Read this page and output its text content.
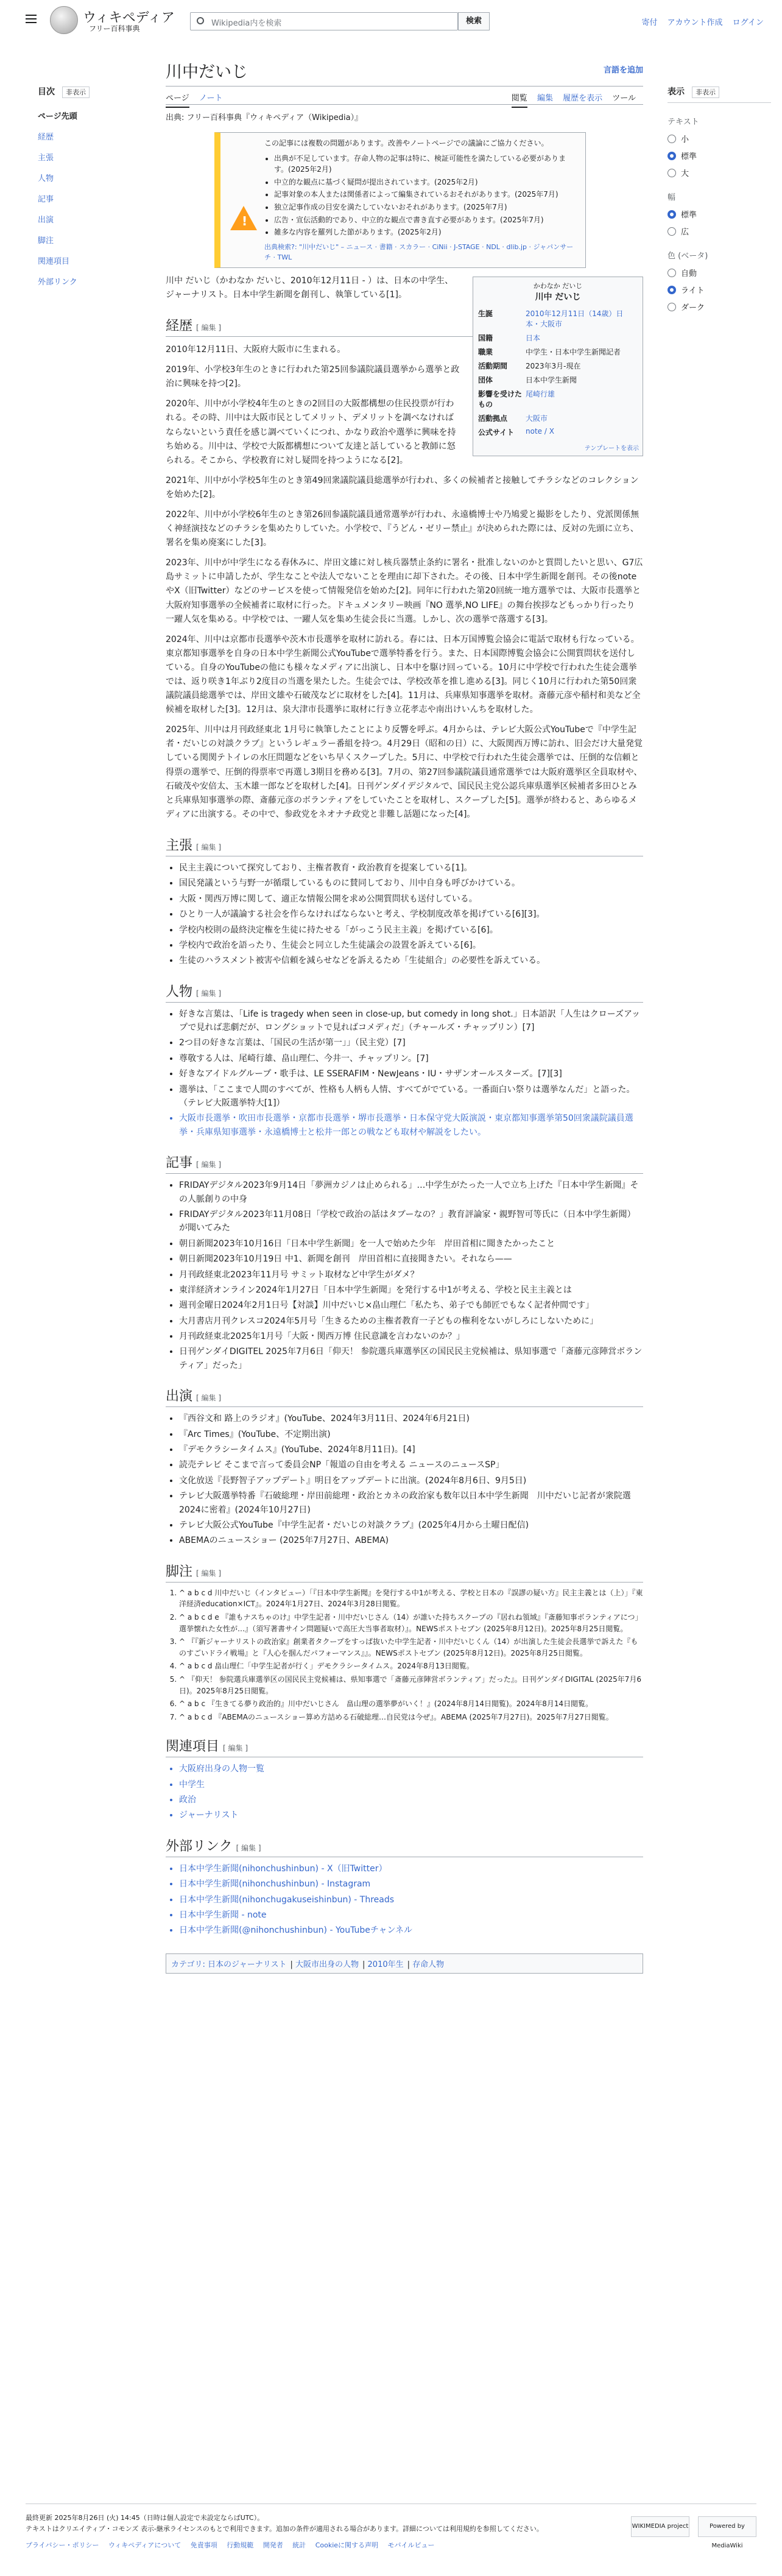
ウィキペディア
フリー百科事典
Wikipedia内を検索	検索	寄付 アカウント作成 ログイン
目次 非表示
ページ先頭
経歴
主張
人物
記事
出演
脚注
関連項目
外部リンク
表示 非表示
テキスト
小
標準
大
幅
標準
広
色 (ベータ)
自動
ライト
ダーク
川中だいじ	言語を追加
ページ ノート	閲覧 編集 履歴を表示 ツール
出典: フリー百科事典『ウィキペディア（Wikipedia）』
!
この記事には複数の問題があります。改善やノートページでの議論にご協力ください。
• 出典が不足しています。存命人物の記事は特に、検証可能性を満たしている必要があります。(2025年2月)
• 中立的な観点に基づく疑問が提出されています。(2025年2月)
• 記事対象の本人または関係者によって編集されているおそれがあります。(2025年7月)
• 独立記事作成の目安を満たしていないおそれがあります。(2025年7月)
• 広告・宣伝活動的であり、中立的な観点で書き直す必要があります。(2025年7月)
• 雑多な内容を羅列した節があります。(2025年2月)
出典検索?: "川中だいじ" – ニュース · 書籍 · スカラー · CiNii · J-STAGE · NDL · dlib.jp · ジャパンサーチ · TWL
かわなか だいじ
川中 だいじ
生誕	2010年12月11日（14歳）日本・大阪市
国籍	日本
職業	中学生・日本中学生新聞記者
活動期間	2023年3月-現在
団体	日本中学生新聞
影響を受けたもの	尾崎行雄
活動拠点	大阪市
公式サイト	note / X
テンプレートを表示

川中 だいじ（かわなか だいじ、2010年12月11日 - ）は、日本の中学生、ジャーナリスト。日本中学生新聞を創刊し、執筆している[1]。

経歴 [ 編集 ]

2010年12月11日、大阪府大阪市に生まれる。

2019年、小学校3年生のときに行われた第25回参議院議員選挙から選挙と政治に興味を持つ[2]。

2020年、川中が小学校4年生のときの2回目の大阪都構想の住民投票が行われる。その時、川中は大阪市民としてメリット、デメリットを調べなければならないという責任を感じ調べていくにつれ、かなり政治や選挙に興味を持ち始める。川中は、学校で大阪都構想について友達と話していると教師に怒られる。そこから、学校教育に対し疑問を持つようになる[2]。

2021年、川中が小学校5年生のとき第49回衆議院議員総選挙が行われ、多くの候補者と接触してチラシなどのコレクションを始めた[2]。

2022年、川中が小学校6年生のとき第26回参議院議員通常選挙が行われ、永遠橋博士や乃鳩愛と撮影をしたり、党派関係無く神経演技などのチラシを集めたりしていた。小学校で、『うどん・ゼリー禁止』が決められた際には、反対の先頭に立ち、署名を集め廃案にした[3]。

2023年、川中が中学生になる春休みに、岸田文雄に対し核兵器禁止条約に署名・批准しないのかと質問したいと思い、G7広島サミットに申請したが、学生なことや法人でないことを理由に却下された。その後、日本中学生新聞を創刊。その後noteやX（旧Twitter）などのサービスを使って情報発信を始めた[2]。同年に行われた第20回統一地方選挙では、大阪市長選挙と大阪府知事選挙の全候補者に取材に行った。ドキュメンタリー映画『NO 選挙,NO LIFE』の舞台挨拶などもっかり行ったり一躍人気を集める。中学校では、一躍人気を集め生徒会長に当選。しかし、次の選挙で落選する[3]。

2024年、川中は京都市長選挙や茨木市長選挙を取材に訪れる。春には、日本万国博覧会協会に電話で取材も行なっている。東京都知事選挙を自身の日本中学生新聞公式YouTubeで選挙特番を行う。また、日本国際博覧会協会に公開質問状を送付している。自身のYouTubeの他にも様々なメディアに出演し、日本中を駆け回っている。10月に中学校で行われた生徒会選挙では、返り咲き1年ぶり2度目の当選を果たした。生徒会では、学校改革を推し進める[3]。同じく10月に行われた第50回衆議院議員総選挙では、岸田文雄や石破茂などに取材をした[4]。11月は、兵庫県知事選挙を取材。斎藤元彦や稲村和美など全候補を取材した[3]。12月は、泉大津市長選挙に取材に行き立花孝志や南出けいんちを取材した。

2025年、川中は月刊政経東北 1月号に執筆したことにより反響を呼ぶ。4月からは、テレビ大阪公式YouTubeで『中学生記者・だいじの対談クラブ』というレギュラー番組を持つ。4月29日（昭和の日）に、大阪関西万博に訪れ、旧会だけ大量発覚している関関テトイレの水圧問題などをいち早くスクープした。5月に、中学校で行われた生徒会選挙では、圧倒的な信頼と得票の選挙で、圧倒的得票率で再選し3期目を務める[3]。7月の、第27回参議院議員通常選挙では大阪府選挙区全員取材や、石破茂や安倍太、玉木雄一郎などを取材した[4]。日刊ゲンダイデジタルで、国民民主党公認兵庫県選挙区候補者多田ひとみと兵庫県知事選挙の際、斎藤元彦のボランティアをしていたことを取材し、スクープした[5]。選挙が終わると、あらゆるメディアに出演する。その中で、参政党をネオナチ政党と非難し話題になった[4]。

主張 [ 編集 ]
• 民主主義について探究しており、主権者教育・政治教育を提案している[1]。
• 国民発議という与野一が循環しているものに賛同しており、川中自身も呼びかけている。
• 大阪・関西万博に関して、適正な情報公開を求め公開質問状も送付している。
• ひとり一人が議論する社会を作らなければならないと考え、学校制度改革を掲げている[6][3]。
• 学校内校則の最終決定権を生徒に持たせる「がっこう民主主義」を掲げている[6]。
• 学校内で政治を語ったり、生徒会と同立した生徒議会の設置を訴えている[6]。
• 生徒のハラスメント被害や信頼を減らせなどを訴えるため「生徒組合」の必要性を訴えている。
人物 [ 編集 ]
• 好きな言葉は、「Life is tragedy when seen in close-up, but comedy in long shot.」日本語訳「人生はクローズアップで見れば悲劇だが、ロングショットで見ればコメディだ」（チャールズ・チャップリン）[7]
• 2つ目の好きな言葉は、「国民の生活が第一」」（民主党）[7]
• 尊敬する人は、尾崎行雄、畠山理仁、今井一、チャップリン。[7]
• 好きなアイドルグループ・歌手は、LE SSERAFIM・NewJeans・IU・サザンオールスターズ。[7][3]
• 選挙は、「ここまで人間のすべてが、性格も人柄も人情、すべてがでている。一番面白い祭りは選挙なんだ」と語った。（テレビ大阪選挙特大[1]）
• 大阪市長選挙・吹田市長選挙・京都市長選挙・堺市長選挙・日本保守党大阪演説・東京都知事選挙第50回衆議院議員選挙・兵庫県知事選挙・永遠橋博士と松井一郎との戦なども取材や解説をしたい。
記事 [ 編集 ]
• FRIDAYデジタル2023年9月14日「夢洲カジノは止められる」…中学生がたった一人で立ち上げた『日本中学生新聞』その人脈創りの中身
• FRIDAYデジタル2023年11月08日「学校で政治の話はタブーなの？」教育評論家・親野智可等氏に（日本中学生新聞）が聞いてみた
• 朝日新聞2023年10月16日「日本中学生新聞」を一人で始めた少年　岸田首相に聞きたかったこと
• 朝日新聞2023年10月19日 中1、新聞を創刊　岸田首相に直接聞きたい。それなら——
• 月刊政経東北2023年11月号 サミット取材など中学生がダメ？
• 東洋経済オンライン2024年1月27日「日本中学生新聞」を発行する中1が考える、学校と民主主義とは
• 週刊金曜日2024年2月1日号【対談】川中だいじ×畠山理仁「私たち、弟子でも師匠でもなく記者仲間です」
• 大月書店月刊クレスコ2024年5月号「生きるための主権者教育一子どもの権利をないがしろにしないために」
• 月刊政経東北2025年1月号「大阪・関西万博 住民意識を言わないのか？」
• 日刊ゲンダイDIGITEL 2025年7月6日「仰天！ 参院選兵庫選挙区の国民民主党候補は、県知事選で「斎藤元彦陣営ボランティア」だった」
出演 [ 編集 ]
• 『西谷文和 路上のラジオ』(YouTube、2024年3月11日、2024年6月21日)
• 『Arc Times』(YouTube、不定期出演)
• 『デモクラシータイムス』(YouTube、2024年8月11日)。[4]
• 読売テレビ そこまで言って委員会NP「報道の自由を考える ニュースのニュースSP」
• 文化放送『長野智子アップデート』明日をアップデートに出演。(2024年8月6日、9月5日)
• テレビ大阪選挙特番『石破総理・岸田前総理・政治とカネの政治家も数年以日本中学生新聞　川中だいじ記者が衆院選2024に密着』(2024年10月27日)
• テレビ大阪公式YouTube『中学生記者・だいじの対談クラブ』(2025年4月から土曜日配信)
• ABEMAのニュースショー (2025年7月27日、ABEMA)
脚注 [ 編集 ]
1. ^ a b c d 川中だいじ（インタビュー）「『日本中学生新聞』を発行する中1が考える、学校と日本の『誤謬の疑い方』民主主義とは（上）」『東洋経済education×ICT』。2024年1月27日、2024年3月28日閲覧。
2. ^ a b c d e 『誰もナスちゃのけ』中学生記者・川中だいじさん（14）が誰いた持ちスクープの『居れね領域』『斎藤知事ボランティアにつ」選挙懐れた女性が…』（須写著書サイン問題疑いで高圧大当事者取材）』。NEWSポストセブン (2025年8月12日)。2025年8月25日閲覧。
3. ^ 『『新ジャーナリストの政治家』創業者タクープをすっぱ抜いた中学生記者・川中だいじくん（14）が出演した生徒会長選挙で訴えた『ものすごいドライ戦場』と『人心を掴んだパフォーマンス』』。NEWSポストセブン (2025年8月12日)。2025年8月25日閲覧。
4. ^ a b c d 畠山理仁「中学生記者が行く」デモクラシータイムス。2024年8月13日閲覧。
5. ^ 『仰天！ 参院選兵庫選挙区の国民民主党候補は、県知事選で「斎藤元彦陣営ボランティア」だった』。日刊ゲンダイDIGITAL (2025年7月6日)。2025年8月25日閲覧。
6. ^ a b c 『生きてる夢り政治的』川中だいじさん　畠山理の選挙夢がいく！』(2024年8月14日閲覧)。2024年8月14日閲覧。
7. ^ a b c d 『ABEMAのニュースショー算め方詰める石破総理…自民党は今ぜ』。ABEMA (2025年7月27日)。2025年7月27日閲覧。
関連項目 [ 編集 ]
• 大阪府出身の人物一覧
• 中学生
• 政治
• ジャーナリスト
外部リンク [ 編集 ]
• 日本中学生新聞(nihonchushinbun) - X（旧Twitter）
• 日本中学生新聞(nihonchushinbun) - Instagram
• 日本中学生新聞(nihonchugakuseishinbun) - Threads
• 日本中学生新聞 - note
• 日本中学生新聞(@nihonchushinbun) - YouTubeチャンネル
カテゴリ: 日本のジャーナリスト | 大阪市出身の人物 | 2010年生 | 存命人物
最終更新 2025年8月26日 (火) 14:45（日時は個人設定で未設定ならばUTC）。
テキストはクリエイティブ・コモンズ 表示-継承ライセンスのもとで利用できます。追加の条件が適用される場合があります。詳細については利用規約を参照してください。
プライバシー・ポリシー ウィキペディアについて 免責事項 行動規範 開発者 統計 Cookieに関する声明 モバイルビュー
WIKIMEDIA project	Powered by MediaWiki
